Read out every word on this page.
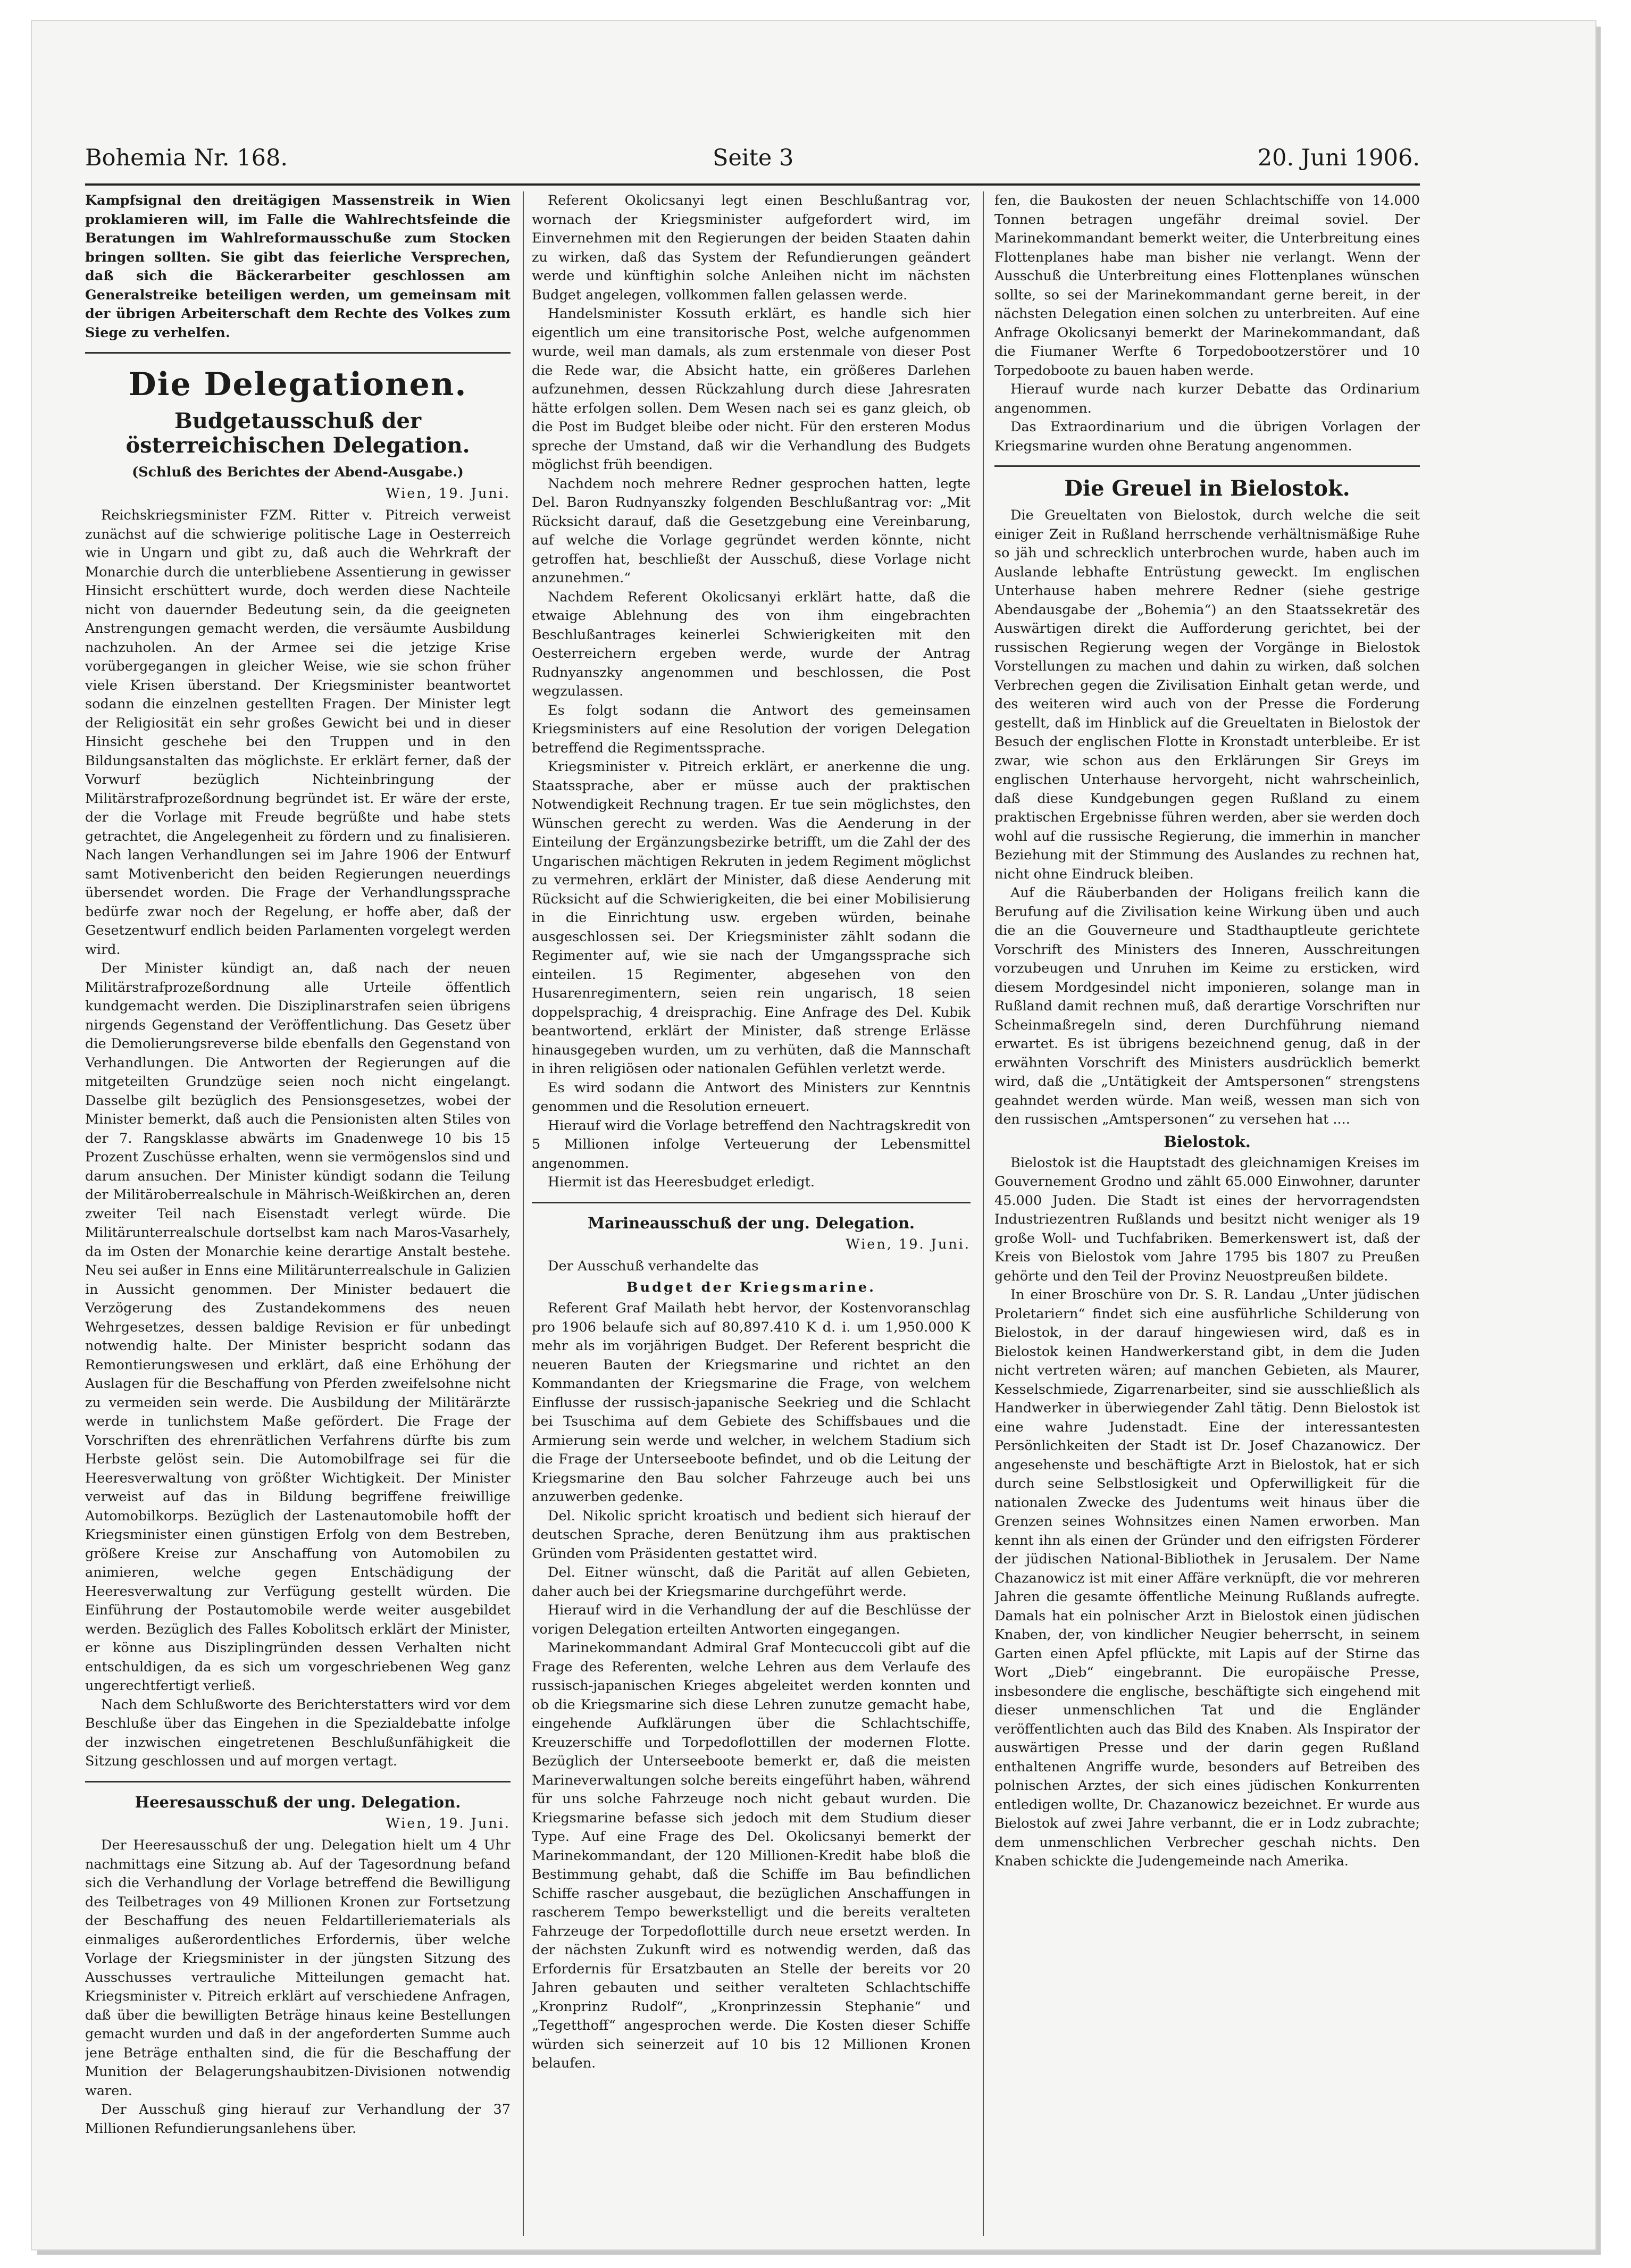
Bohemia Nr. 168.	Seite 3	20. Juni 1906.

Kampfsignal den dreitägigen Massenstreik in Wien proklamieren will, im Falle die Wahlrechtsfeinde die Beratungen im Wahlreformausschuße zum Stocken bringen sollten. Sie gibt das feierliche Versprechen, daß sich die Bäckerarbeiter geschlossen am Generalstreike beteiligen werden, um gemeinsam mit der übrigen Arbeiterschaft dem Rechte des Volkes zum Siege zu verhelfen.

Die Delegationen.
Budgetausschuß der österreichischen Delegation.

(Schluß des Berichtes der Abend-Ausgabe.)

Wien, 19. Juni.

Reichskriegsminister FZM. Ritter v. Pitreich verweist zunächst auf die schwierige politische Lage in Oesterreich wie in Ungarn und gibt zu, daß auch die Wehrkraft der Monarchie durch die unterbliebene Assentierung in gewisser Hinsicht erschüttert wurde, doch werden diese Nachteile nicht von dauernder Bedeutung sein, da die geeigneten Anstrengungen gemacht werden, die versäumte Ausbildung nachzuholen. An der Armee sei die jetzige Krise vorübergegangen in gleicher Weise, wie sie schon früher viele Krisen überstand. Der Kriegsminister beantwortet sodann die einzelnen gestellten Fragen. Der Minister legt der Religiosität ein sehr großes Gewicht bei und in dieser Hinsicht geschehe bei den Truppen und in den Bildungsanstalten das möglichste. Er erklärt ferner, daß der Vorwurf bezüglich Nichteinbringung der Militärstrafprozeßordnung begründet ist. Er wäre der erste, der die Vorlage mit Freude begrüßte und habe stets getrachtet, die Angelegenheit zu fördern und zu finalisieren. Nach langen Verhandlungen sei im Jahre 1906 der Entwurf samt Motivenbericht den beiden Regierungen neuerdings übersendet worden. Die Frage der Verhandlungssprache bedürfe zwar noch der Regelung, er hoffe aber, daß der Gesetzentwurf endlich beiden Parlamenten vorgelegt werden wird.

Der Minister kündigt an, daß nach der neuen Militärstrafprozeßordnung alle Urteile öffentlich kundgemacht werden. Die Disziplinarstrafen seien übrigens nirgends Gegenstand der Veröffentlichung. Das Gesetz über die Demolierungsreverse bilde ebenfalls den Gegenstand von Verhandlungen. Die Antworten der Regierungen auf die mitgeteilten Grundzüge seien noch nicht eingelangt. Dasselbe gilt bezüglich des Pensionsgesetzes, wobei der Minister bemerkt, daß auch die Pensionisten alten Stiles von der 7. Rangsklasse abwärts im Gnadenwege 10 bis 15 Prozent Zuschüsse erhalten, wenn sie vermögenslos sind und darum ansuchen. Der Minister kündigt sodann die Teilung der Militäroberrealschule in Mährisch-Weißkirchen an, deren zweiter Teil nach Eisenstadt verlegt würde. Die Militärunterrealschule dortselbst kam nach Maros-Vasarhely, da im Osten der Monarchie keine derartige Anstalt bestehe. Neu sei außer in Enns eine Militärunterrealschule in Galizien in Aussicht genommen. Der Minister bedauert die Verzögerung des Zustandekommens des neuen Wehrgesetzes, dessen baldige Revision er für unbedingt notwendig halte. Der Minister bespricht sodann das Remontierungswesen und erklärt, daß eine Erhöhung der Auslagen für die Beschaffung von Pferden zweifelsohne nicht zu vermeiden sein werde. Die Ausbildung der Militärärzte werde in tunlichstem Maße gefördert. Die Frage der Vorschriften des ehrenrätlichen Verfahrens dürfte bis zum Herbste gelöst sein. Die Automobilfrage sei für die Heeresverwaltung von größter Wichtigkeit. Der Minister verweist auf das in Bildung begriffene freiwillige Automobilkorps. Bezüglich der Lastenautomobile hofft der Kriegsminister einen günstigen Erfolg von dem Bestreben, größere Kreise zur Anschaffung von Automobilen zu animieren, welche gegen Entschädigung der Heeresverwaltung zur Verfügung gestellt würden. Die Einführung der Postautomobile werde weiter ausgebildet werden. Bezüglich des Falles Kobolitsch erklärt der Minister, er könne aus Disziplingründen dessen Verhalten nicht entschuldigen, da es sich um vorgeschriebenen Weg ganz ungerechtfertigt verließ.

Nach dem Schlußworte des Berichterstatters wird vor dem Beschluße über das Eingehen in die Spezialdebatte infolge der inzwischen eingetretenen Beschlußunfähigkeit die Sitzung geschlossen und auf morgen vertagt.

Heeresausschuß der ung. Delegation.

Wien, 19. Juni.

Der Heeresausschuß der ung. Delegation hielt um 4 Uhr nachmittags eine Sitzung ab. Auf der Tagesordnung befand sich die Verhandlung der Vorlage betreffend die Bewilligung des Teilbetrages von 49 Millionen Kronen zur Fortsetzung der Beschaffung des neuen Feldartilleriematerials als einmaliges außerordentliches Erfordernis, über welche Vorlage der Kriegsminister in der jüngsten Sitzung des Ausschusses vertrauliche Mitteilungen gemacht hat. Kriegsminister v. Pitreich erklärt auf verschiedene Anfragen, daß über die bewilligten Beträge hinaus keine Bestellungen gemacht wurden und daß in der angeforderten Summe auch jene Beträge enthalten sind, die für die Beschaffung der Munition der Belagerungshaubitzen-Divisionen notwendig waren.

Der Ausschuß ging hierauf zur Verhandlung der 37 Millionen Refundierungsanlehens über.

Referent Okolicsanyi legt einen Beschlußantrag vor, wornach der Kriegsminister aufgefordert wird, im Einvernehmen mit den Regierungen der beiden Staaten dahin zu wirken, daß das System der Refundierungen geändert werde und künftighin solche Anleihen nicht im nächsten Budget angelegen, vollkommen fallen gelassen werde.

Handelsminister Kossuth erklärt, es handle sich hier eigentlich um eine transitorische Post, welche aufgenommen wurde, weil man damals, als zum erstenmale von dieser Post die Rede war, die Absicht hatte, ein größeres Darlehen aufzunehmen, dessen Rückzahlung durch diese Jahresraten hätte erfolgen sollen. Dem Wesen nach sei es ganz gleich, ob die Post im Budget bleibe oder nicht. Für den ersteren Modus spreche der Umstand, daß wir die Verhandlung des Budgets möglichst früh beendigen.

Nachdem noch mehrere Redner gesprochen hatten, legte Del. Baron Rudnyanszky folgenden Beschlußantrag vor: „Mit Rücksicht darauf, daß die Gesetzgebung eine Vereinbarung, auf welche die Vorlage gegründet werden könnte, nicht getroffen hat, beschließt der Ausschuß, diese Vorlage nicht anzunehmen.“

Nachdem Referent Okolicsanyi erklärt hatte, daß die etwaige Ablehnung des von ihm eingebrachten Beschlußantrages keinerlei Schwierigkeiten mit den Oesterreichern ergeben werde, wurde der Antrag Rudnyanszky angenommen und beschlossen, die Post wegzulassen.

Es folgt sodann die Antwort des gemeinsamen Kriegsministers auf eine Resolution der vorigen Delegation betreffend die Regimentssprache.

Kriegsminister v. Pitreich erklärt, er anerkenne die ung. Staatssprache, aber er müsse auch der praktischen Notwendigkeit Rechnung tragen. Er tue sein möglichstes, den Wünschen gerecht zu werden. Was die Aenderung in der Einteilung der Ergänzungsbezirke betrifft, um die Zahl der des Ungarischen mächtigen Rekruten in jedem Regiment möglichst zu vermehren, erklärt der Minister, daß diese Aenderung mit Rücksicht auf die Schwierigkeiten, die bei einer Mobilisierung in die Einrichtung usw. ergeben würden, beinahe ausgeschlossen sei. Der Kriegsminister zählt sodann die Regimenter auf, wie sie nach der Umgangssprache sich einteilen. 15 Regimenter, abgesehen von den Husarenregimentern, seien rein ungarisch, 18 seien doppelsprachig, 4 dreisprachig. Eine Anfrage des Del. Kubik beantwortend, erklärt der Minister, daß strenge Erlässe hinausgegeben wurden, um zu verhüten, daß die Mannschaft in ihren religiösen oder nationalen Gefühlen verletzt werde.

Es wird sodann die Antwort des Ministers zur Kenntnis genommen und die Resolution erneuert.

Hierauf wird die Vorlage betreffend den Nachtragskredit von 5 Millionen infolge Verteuerung der Lebensmittel angenommen.

Hiermit ist das Heeresbudget erledigt.

Marineausschuß der ung. Delegation.

Wien, 19. Juni.

Der Ausschuß verhandelte das

Budget der Kriegsmarine.

Referent Graf Mailath hebt hervor, der Kostenvoranschlag pro 1906 belaufe sich auf 80,897.410 K d. i. um 1,950.000 K mehr als im vorjährigen Budget. Der Referent bespricht die neueren Bauten der Kriegsmarine und richtet an den Kommandanten der Kriegsmarine die Frage, von welchem Einflusse der russisch-japanische Seekrieg und die Schlacht bei Tsuschima auf dem Gebiete des Schiffsbaues und die Armierung sein werde und welcher, in welchem Stadium sich die Frage der Unterseeboote befindet, und ob die Leitung der Kriegsmarine den Bau solcher Fahrzeuge auch bei uns anzuwerben gedenke.

Del. Nikolic spricht kroatisch und bedient sich hierauf der deutschen Sprache, deren Benützung ihm aus praktischen Gründen vom Präsidenten gestattet wird.

Del. Eitner wünscht, daß die Parität auf allen Gebieten, daher auch bei der Kriegsmarine durchgeführt werde.

Hierauf wird in die Verhandlung der auf die Beschlüsse der vorigen Delegation erteilten Antworten eingegangen.

Marinekommandant Admiral Graf Montecuccoli gibt auf die Frage des Referenten, welche Lehren aus dem Verlaufe des russisch-japanischen Krieges abgeleitet werden konnten und ob die Kriegsmarine sich diese Lehren zunutze gemacht habe, eingehende Aufklärungen über die Schlachtschiffe, Kreuzerschiffe und Torpedoflottillen der modernen Flotte. Bezüglich der Unterseeboote bemerkt er, daß die meisten Marineverwaltungen solche bereits eingeführt haben, während für uns solche Fahrzeuge noch nicht gebaut wurden. Die Kriegsmarine befasse sich jedoch mit dem Studium dieser Type. Auf eine Frage des Del. Okolicsanyi bemerkt der Marinekommandant, der 120 Millionen-Kredit habe bloß die Bestimmung gehabt, daß die Schiffe im Bau befindlichen Schiffe rascher ausgebaut, die bezüglichen Anschaffungen in rascherem Tempo bewerkstelligt und die bereits veralteten Fahrzeuge der Torpedoflottille durch neue ersetzt werden. In der nächsten Zukunft wird es notwendig werden, daß das Erfordernis für Ersatzbauten an Stelle der bereits vor 20 Jahren gebauten und seither veralteten Schlachtschiffe „Kronprinz Rudolf“, „Kronprinzessin Stephanie“ und „Tegetthoff“ angesprochen werde. Die Kosten dieser Schiffe würden sich seinerzeit auf 10 bis 12 Millionen Kronen belaufen.

fen, die Baukosten der neuen Schlachtschiffe von 14.000 Tonnen betragen ungefähr dreimal soviel. Der Marinekommandant bemerkt weiter, die Unterbreitung eines Flottenplanes habe man bisher nie verlangt. Wenn der Ausschuß die Unterbreitung eines Flottenplanes wünschen sollte, so sei der Marinekommandant gerne bereit, in der nächsten Delegation einen solchen zu unterbreiten. Auf eine Anfrage Okolicsanyi bemerkt der Marinekommandant, daß die Fiumaner Werfte 6 Torpedobootzerstörer und 10 Torpedoboote zu bauen haben werde.

Hierauf wurde nach kurzer Debatte das Ordinarium angenommen.

Das Extraordinarium und die übrigen Vorlagen der Kriegsmarine wurden ohne Beratung angenommen.

Die Greuel in Bielostok.

Die Greueltaten von Bielostok, durch welche die seit einiger Zeit in Rußland herrschende verhältnismäßige Ruhe so jäh und schrecklich unterbrochen wurde, haben auch im Auslande lebhafte Entrüstung geweckt. Im englischen Unterhause haben mehrere Redner (siehe gestrige Abendausgabe der „Bohemia“) an den Staatssekretär des Auswärtigen direkt die Aufforderung gerichtet, bei der russischen Regierung wegen der Vorgänge in Bielostok Vorstellungen zu machen und dahin zu wirken, daß solchen Verbrechen gegen die Zivilisation Einhalt getan werde, und des weiteren wird auch von der Presse die Forderung gestellt, daß im Hinblick auf die Greueltaten in Bielostok der Besuch der englischen Flotte in Kronstadt unterbleibe. Er ist zwar, wie schon aus den Erklärungen Sir Greys im englischen Unterhause hervorgeht, nicht wahrscheinlich, daß diese Kundgebungen gegen Rußland zu einem praktischen Ergebnisse führen werden, aber sie werden doch wohl auf die russische Regierung, die immerhin in mancher Beziehung mit der Stimmung des Auslandes zu rechnen hat, nicht ohne Eindruck bleiben.

Auf die Räuberbanden der Holigans freilich kann die Berufung auf die Zivilisation keine Wirkung üben und auch die an die Gouverneure und Stadthauptleute gerichtete Vorschrift des Ministers des Inneren, Ausschreitungen vorzubeugen und Unruhen im Keime zu ersticken, wird diesem Mordgesindel nicht imponieren, solange man in Rußland damit rechnen muß, daß derartige Vorschriften nur Scheinmaßregeln sind, deren Durchführung niemand erwartet. Es ist übrigens bezeichnend genug, daß in der erwähnten Vorschrift des Ministers ausdrücklich bemerkt wird, daß die „Untätigkeit der Amtspersonen“ strengstens geahndet werden würde. Man weiß, wessen man sich von den russischen „Amtspersonen“ zu versehen hat ....

Bielostok.

Bielostok ist die Hauptstadt des gleichnamigen Kreises im Gouvernement Grodno und zählt 65.000 Einwohner, darunter 45.000 Juden. Die Stadt ist eines der hervorragendsten Industriezentren Rußlands und besitzt nicht weniger als 19 große Woll- und Tuchfabriken. Bemerkenswert ist, daß der Kreis von Bielostok vom Jahre 1795 bis 1807 zu Preußen gehörte und den Teil der Provinz Neuostpreußen bildete.

In einer Broschüre von Dr. S. R. Landau „Unter jüdischen Proletariern“ findet sich eine ausführliche Schilderung von Bielostok, in der darauf hingewiesen wird, daß es in Bielostok keinen Handwerkerstand gibt, in dem die Juden nicht vertreten wären; auf manchen Gebieten, als Maurer, Kesselschmiede, Zigarrenarbeiter, sind sie ausschließlich als Handwerker in überwiegender Zahl tätig. Denn Bielostok ist eine wahre Judenstadt. Eine der interessantesten Persönlichkeiten der Stadt ist Dr. Josef Chazanowicz. Der angesehenste und beschäftigte Arzt in Bielostok, hat er sich durch seine Selbstlosigkeit und Opferwilligkeit für die nationalen Zwecke des Judentums weit hinaus über die Grenzen seines Wohnsitzes einen Namen erworben. Man kennt ihn als einen der Gründer und den eifrigsten Förderer der jüdischen National-Bibliothek in Jerusalem. Der Name Chazanowicz ist mit einer Affäre verknüpft, die vor mehreren Jahren die gesamte öffentliche Meinung Rußlands aufregte. Damals hat ein polnischer Arzt in Bielostok einen jüdischen Knaben, der, von kindlicher Neugier beherrscht, in seinem Garten einen Apfel pflückte, mit Lapis auf der Stirne das Wort „Dieb“ eingebrannt. Die europäische Presse, insbesondere die englische, beschäftigte sich eingehend mit dieser unmenschlichen Tat und die Engländer veröffentlichten auch das Bild des Knaben. Als Inspirator der auswärtigen Presse und der darin gegen Rußland enthaltenen Angriffe wurde, besonders auf Betreiben des polnischen Arztes, der sich eines jüdischen Konkurrenten entledigen wollte, Dr. Chazanowicz bezeichnet. Er wurde aus Bielostok auf zwei Jahre verbannt, die er in Lodz zubrachte; dem unmenschlichen Verbrecher geschah nichts. Den Knaben schickte die Judengemeinde nach Amerika.
